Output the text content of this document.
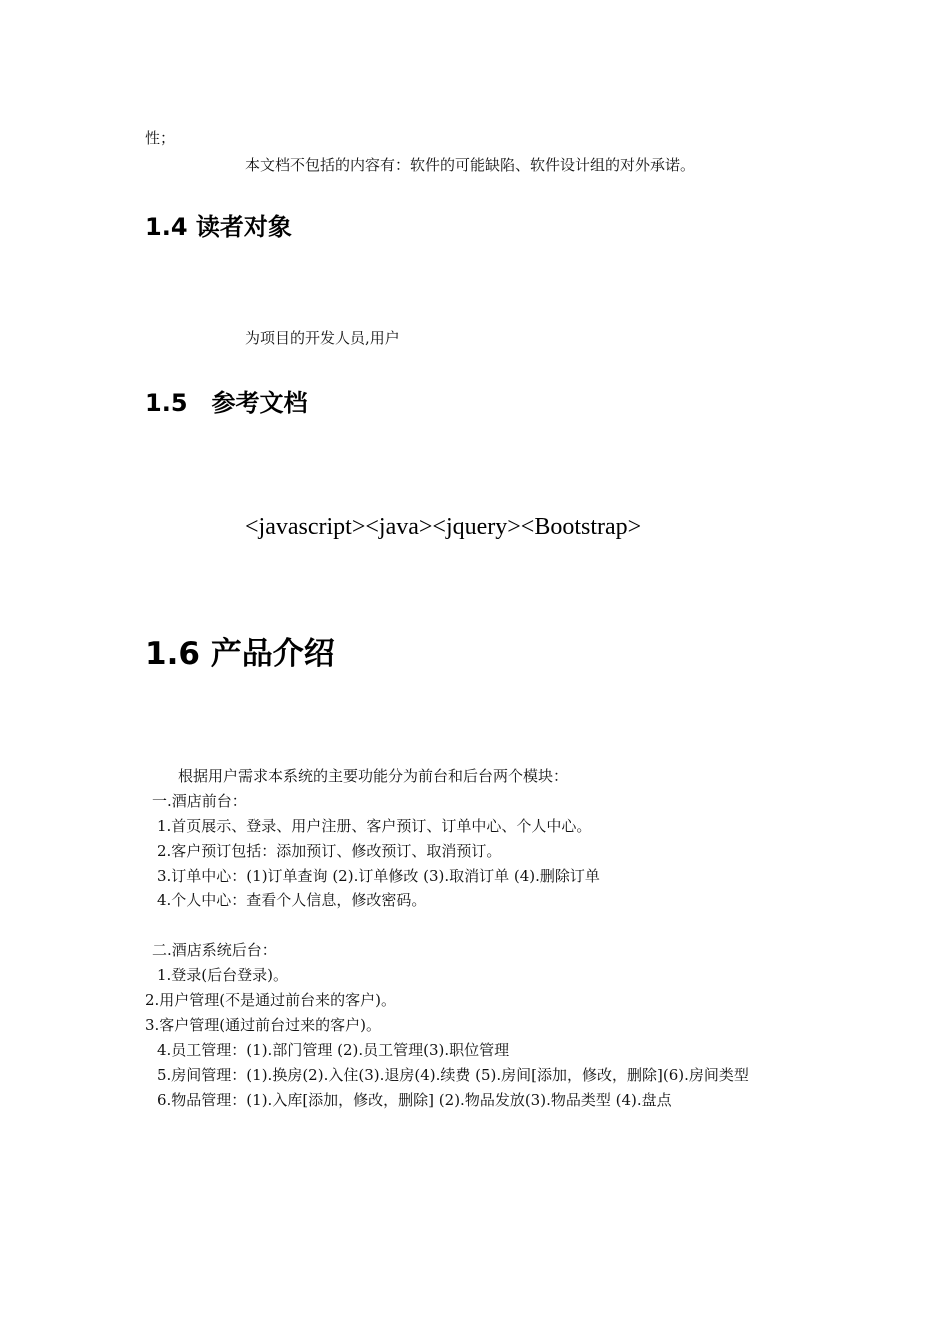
性；
本文档不包括的内容有：软件的可能缺陷、软件设计组的对外承诺。
1.4 读者对象
为项目的开发人员,用户
1.5　参考文档
<javascript><java><jquery><Bootstrap>
1.6 产品介绍
根据用户需求本系统的主要功能分为前台和后台两个模块：
一.酒店前台：
1.首页展示、登录、用户注册、客户预订、订单中心、个人中心。
2.客户预订包括：添加预订、修改预订、取消预订。
3.订单中心：(1)订单查询 (2).订单修改 (3).取消订单 (4).删除订单
4.个人中心：查看个人信息，修改密码。
二.酒店系统后台：
1.登录(后台登录)。
2.用户管理(不是通过前台来的客户)。
3.客户管理(通过前台过来的客户)。
4.员工管理：(1).部门管理 (2).员工管理(3).职位管理
5.房间管理：(1).换房(2).入住(3).退房(4).续费 (5).房间[添加，修改，删除](6).房间类型
6.物品管理：(1).入库[添加，修改，删除] (2).物品发放(3).物品类型 (4).盘点
